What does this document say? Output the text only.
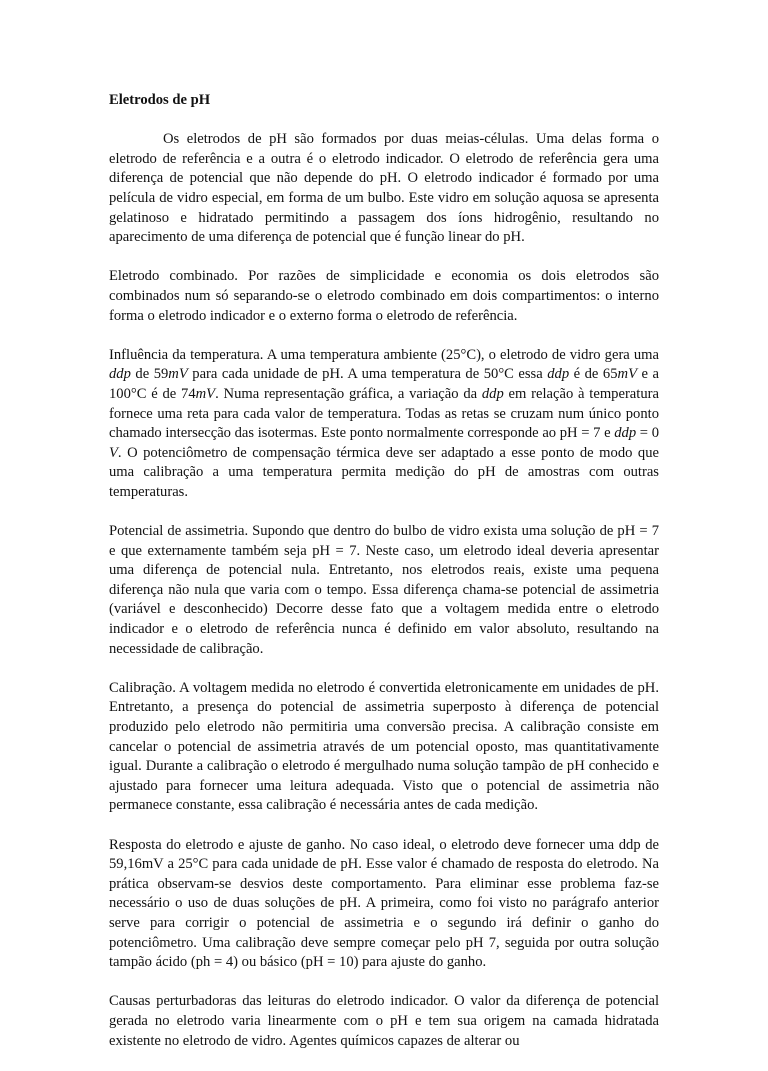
Eletrodos de pH

Os eletrodos de pH são formados por duas meias-células. Uma delas forma o eletrodo de referência e a outra é o eletrodo indicador. O eletrodo de referência gera uma diferença de potencial que não depende do pH. O eletrodo indicador é formado por uma película de vidro especial, em forma de um bulbo. Este vidro em solução aquosa se apresenta gelatinoso e hidratado permitindo a passagem dos íons hidrogênio, resultando no aparecimento de uma diferença de potencial que é função linear do pH.

Eletrodo combinado. Por razões de simplicidade e economia os dois eletrodos são combinados num só separando-se o eletrodo combinado em dois compartimentos: o interno forma o eletrodo indicador e o externo forma o eletrodo de referência.

Influência da temperatura. A uma temperatura ambiente (25°C), o eletrodo de vidro gera uma ddp de 59mV para cada unidade de pH. A uma temperatura de 50°C essa ddp é de 65mV e a 100°C é de 74mV. Numa representação gráfica, a variação da ddp em relação à temperatura fornece uma reta para cada valor de temperatura. Todas as retas se cruzam num único ponto chamado intersecção das isotermas. Este ponto normalmente corresponde ao pH = 7 e ddp = 0 V. O potenciômetro de compensação térmica deve ser adaptado a esse ponto de modo que uma calibração a uma temperatura permita medição do pH de amostras com outras temperaturas.

Potencial de assimetria. Supondo que dentro do bulbo de vidro exista uma solução de pH = 7 e que externamente também seja pH = 7. Neste caso, um eletrodo ideal deveria apresentar uma diferença de potencial nula. Entretanto, nos eletrodos reais, existe uma pequena diferença não nula que varia com o tempo. Essa diferença chama-se potencial de assimetria (variável e desconhecido) Decorre desse fato que a voltagem medida entre o eletrodo indicador e o eletrodo de referência nunca é definido em valor absoluto, resultando na necessidade de calibração.

Calibração. A voltagem medida no eletrodo é convertida eletronicamente em unidades de pH. Entretanto, a presença do potencial de assimetria superposto à diferença de potencial produzido pelo eletrodo não permitiria uma conversão precisa. A calibração consiste em cancelar o potencial de assimetria através de um potencial oposto, mas quantitativamente igual. Durante a calibração o eletrodo é mergulhado numa solução tampão de pH conhecido e ajustado para fornecer uma leitura adequada. Visto que o potencial de assimetria não permanece constante, essa calibração é necessária antes de cada medição.

Resposta do eletrodo e ajuste de ganho. No caso ideal, o eletrodo deve fornecer uma ddp de 59,16mV a 25°C para cada unidade de pH. Esse valor é chamado de resposta do eletrodo. Na prática observam-se desvios deste comportamento. Para eliminar esse problema faz-se necessário o uso de duas soluções de pH. A primeira, como foi visto no parágrafo anterior serve para corrigir o potencial de assimetria e o segundo irá definir o ganho do potenciômetro. Uma calibração deve sempre começar pelo pH 7, seguida por outra solução tampão ácido (ph = 4) ou básico (pH = 10) para ajuste do ganho.

Causas perturbadoras das leituras do eletrodo indicador. O valor da diferença de potencial gerada no eletrodo varia linearmente com o pH e tem sua origem na camada hidratada existente no eletrodo de vidro. Agentes químicos capazes de alterar ou
